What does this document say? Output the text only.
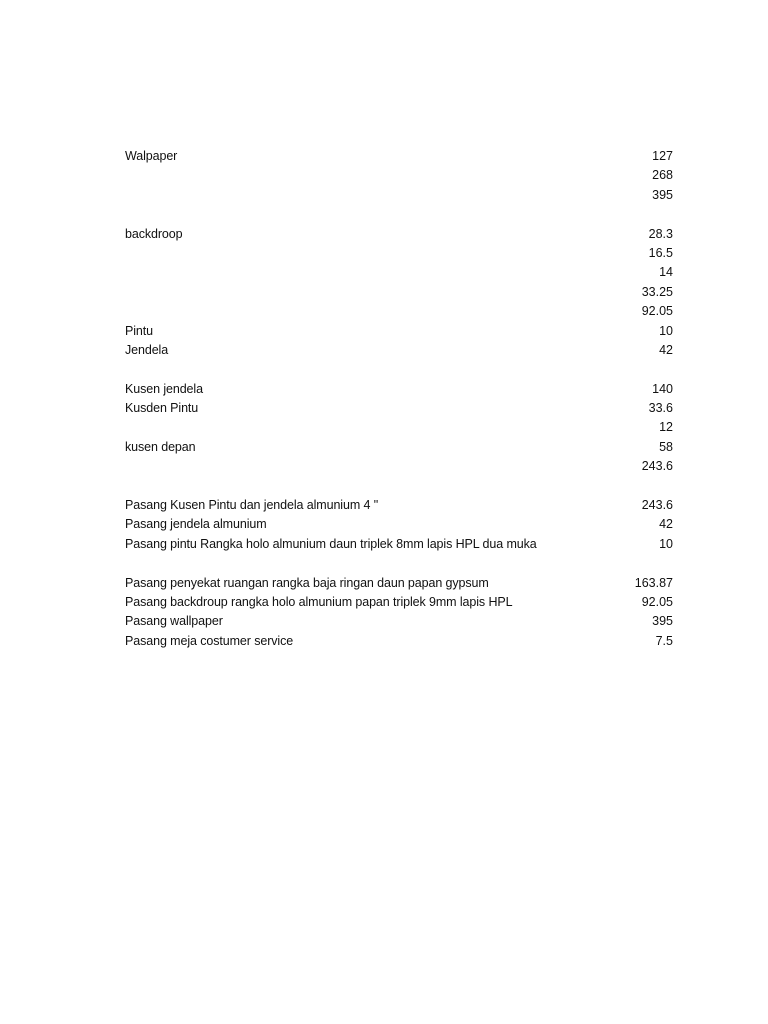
Walpaper	127
268
395
backdroop	28.3
16.5
14
33.25
92.05
Pintu	10
Jendela	42
Kusen jendela	140
Kusden Pintu	33.6
12
kusen depan	58
243.6
Pasang Kusen Pintu dan jendela almunium 4 "	243.6
Pasang jendela almunium	42
Pasang pintu Rangka holo almunium daun triplek 8mm lapis HPL dua muka	10
Pasang penyekat ruangan rangka baja ringan daun papan gypsum	163.87
Pasang backdroup rangka holo almunium papan triplek 9mm lapis HPL	92.05
Pasang wallpaper	395
Pasang meja costumer service	7.5
